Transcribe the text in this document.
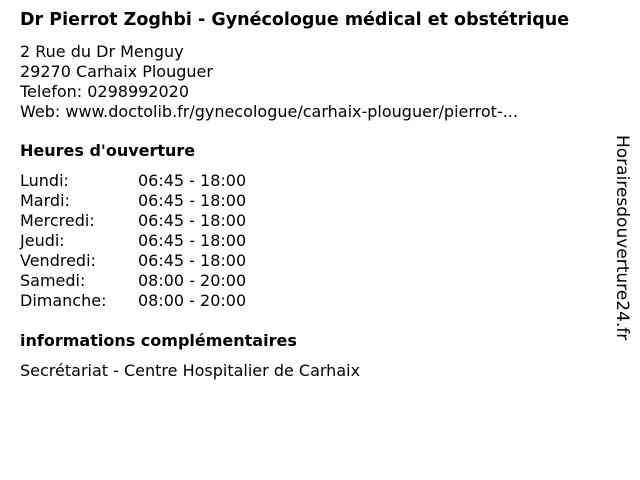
Dr Pierrot Zoghbi - Gynécologue médical et obstétrique
2 Rue du Dr Menguy
29270 Carhaix Plouguer
Telefon: 0298992020
Web: www.doctolib.fr/gynecologue/carhaix-plouguer/pierrot-...
Heures d'ouverture
Lundi:	06:45 - 18:00
Mardi:	06:45 - 18:00
Mercredi:	06:45 - 18:00
Jeudi:	06:45 - 18:00
Vendredi:	06:45 - 18:00
Samedi:	08:00 - 20:00
Dimanche:	08:00 - 20:00
informations complémentaires
Secrétariat - Centre Hospitalier de Carhaix
Horairesdouverture24.fr
